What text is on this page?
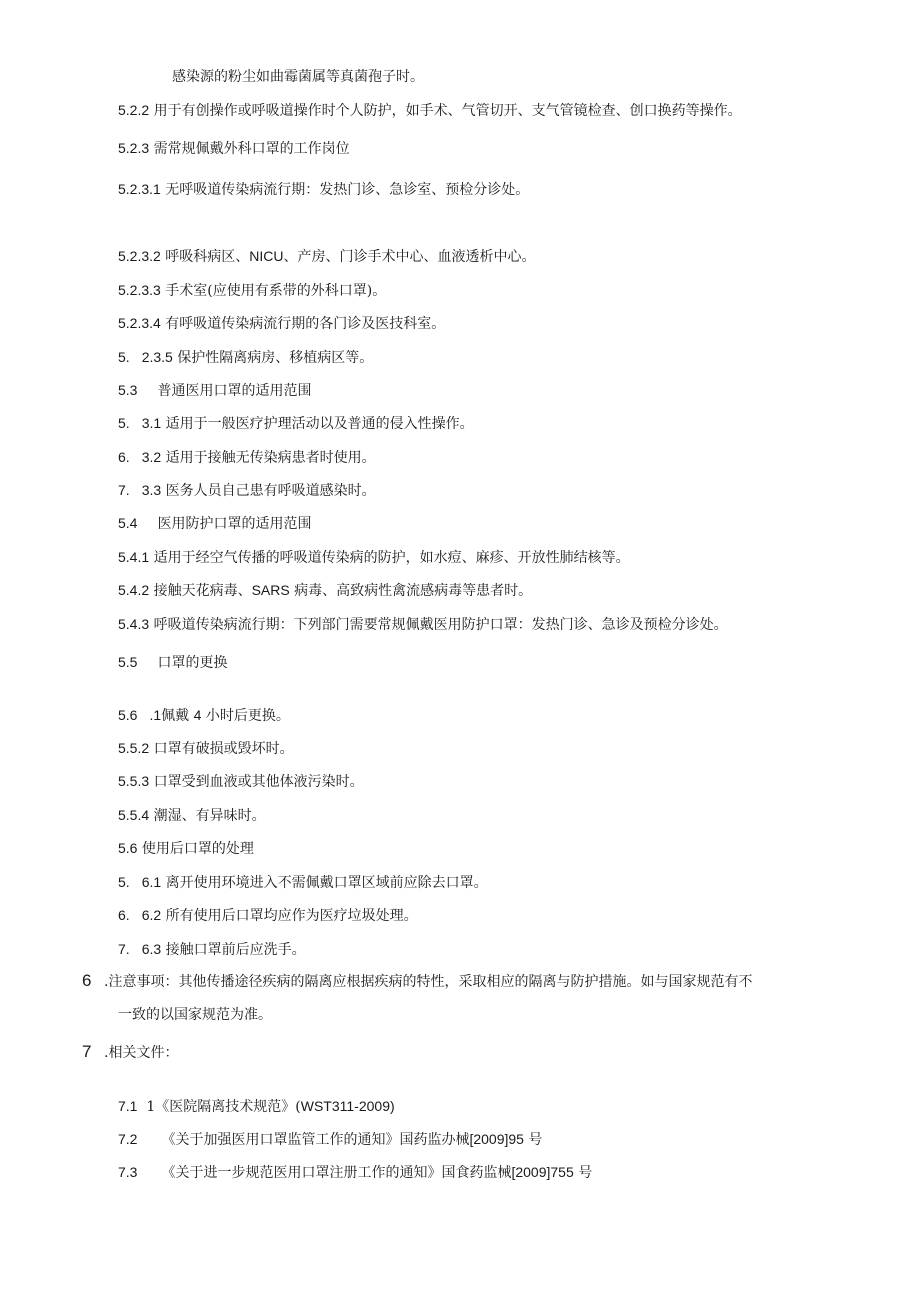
感染源的粉尘如曲霉菌属等真菌孢子时。
5.2.2 用于有创操作或呼吸道操作时个人防护，如手术、气管切开、支气管镜检查、创口换药等操作。
5.2.3 需常规佩戴外科口罩的工作岗位
5.2.3.1 无呼吸道传染病流行期：发热门诊、急诊室、预检分诊处。
5.2.3.2 呼吸科病区、NICU、产房、门诊手术中心、血液透析中心。
5.2.3.3 手术室(应使用有系带的外科口罩)。
5.2.3.4 有呼吸道传染病流行期的各门诊及医技科室。
5. 2.3.5 保护性隔离病房、移植病区等。
5.3 普通医用口罩的适用范围
5. 3.1 适用于一般医疗护理活动以及普通的侵入性操作。
6. 3.2 适用于接触无传染病患者时使用。
7. 3.3 医务人员自己患有呼吸道感染时。
5.4 医用防护口罩的适用范围
5.4.1 适用于经空气传播的呼吸道传染病的防护，如水痘、麻疹、开放性肺结核等。
5.4.2 接触天花病毒、SARS 病毒、高致病性禽流感病毒等患者时。
5.4.3 呼吸道传染病流行期：下列部门需要常规佩戴医用防护口罩：发热门诊、急诊及预检分诊处。
5.5 口罩的更换
5.6 .1佩戴 4 小时后更换。
5.5.2 口罩有破损或毁坏时。
5.5.3 口罩受到血液或其他体液污染时。
5.5.4 潮湿、有异味时。
5.6 使用后口罩的处理
5. 6.1 离开使用环境进入不需佩戴口罩区域前应除去口罩。
6. 6.2 所有使用后口罩均应作为医疗垃圾处理。
7. 6.3 接触口罩前后应洗手。
6 .注意事项：其他传播途径疾病的隔离应根据疾病的特性，采取相应的隔离与防护措施。如与国家规范有不
一致的以国家规范为准。
7 .相关文件：
7.1 1《医院隔离技术规范》(WST311-2009)
7.2 《关于加强医用口罩监管工作的通知》国药监办械[2009]95 号
7.3 《关于进一步规范医用口罩注册工作的通知》国食药监械[2009]755 号
